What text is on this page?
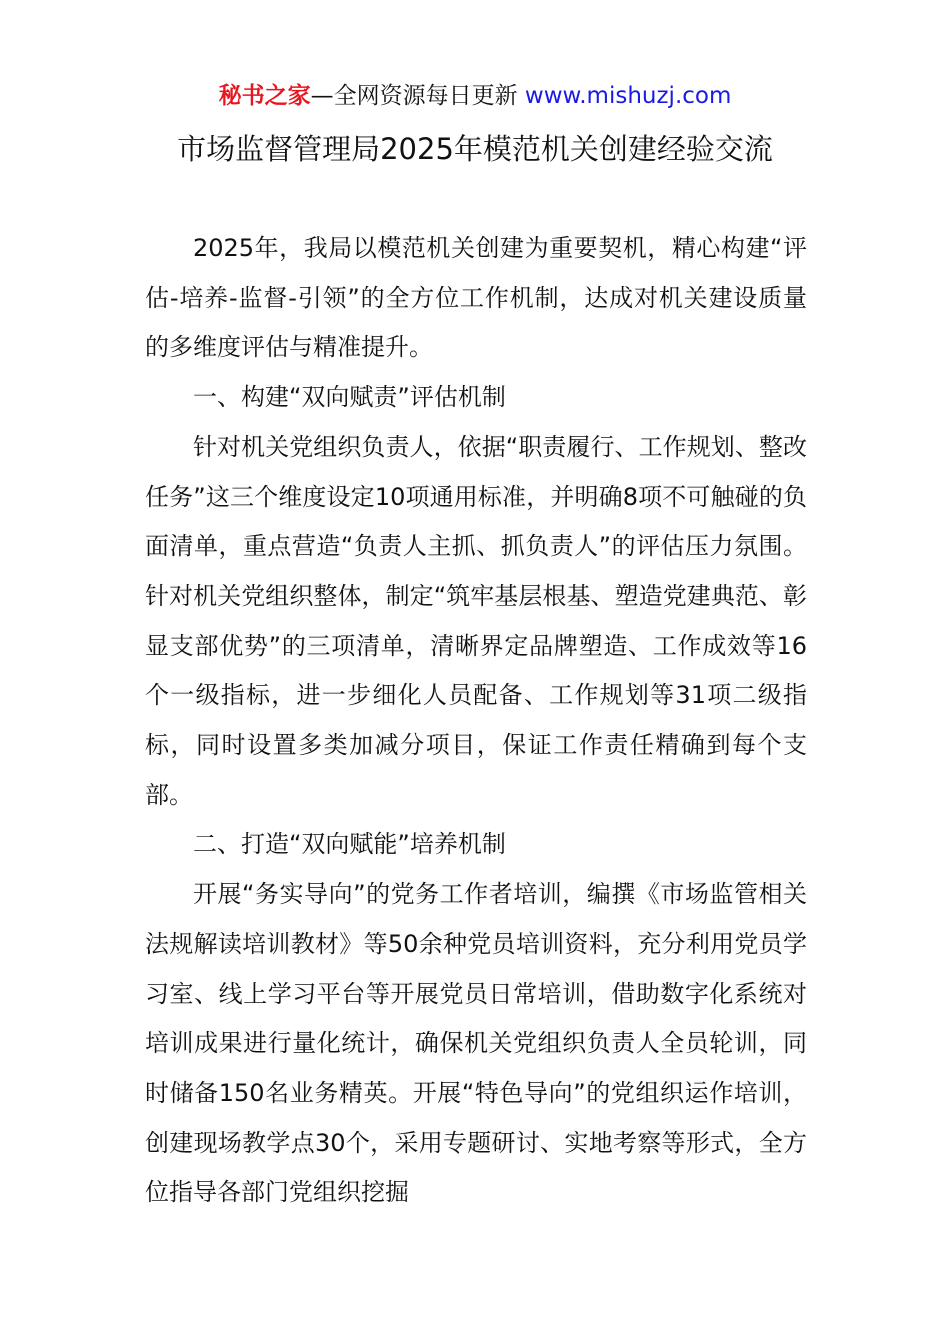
秘书之家—全网资源每日更新 www.mishuzj.com
市场监督管理局2025年模范机关创建经验交流

2025年，我局以模范机关创建为重要契机，精心构建“评估-培养-监督-引领”的全方位工作机制，达成对机关建设质量的多维度评估与精准提升。

一、构建“双向赋责”评估机制

针对机关党组织负责人，依据“职责履行、工作规划、整改任务”这三个维度设定10项通用标准，并明确8项不可触碰的负面清单，重点营造“负责人主抓、抓负责人”的评估压力氛围。针对机关党组织整体，制定“筑牢基层根基、塑造党建典范、彰显支部优势”的三项清单，清晰界定品牌塑造、工作成效等16个一级指标，进一步细化人员配备、工作规划等31项二级指标，同时设置多类加减分项目，保证工作责任精确到每个支部。

二、打造“双向赋能”培养机制

开展“务实导向”的党务工作者培训，编撰《市场监管相关法规解读培训教材》等50余种党员培训资料，充分利用党员学习室、线上学习平台等开展党员日常培训，借助数字化系统对培训成果进行量化统计，确保机关党组织负责人全员轮训，同时储备150名业务精英。开展“特色导向”的党组织运作培训，创建现场教学点30个，采用专题研讨、实地考察等形式，全方位指导各部门党组织挖掘
